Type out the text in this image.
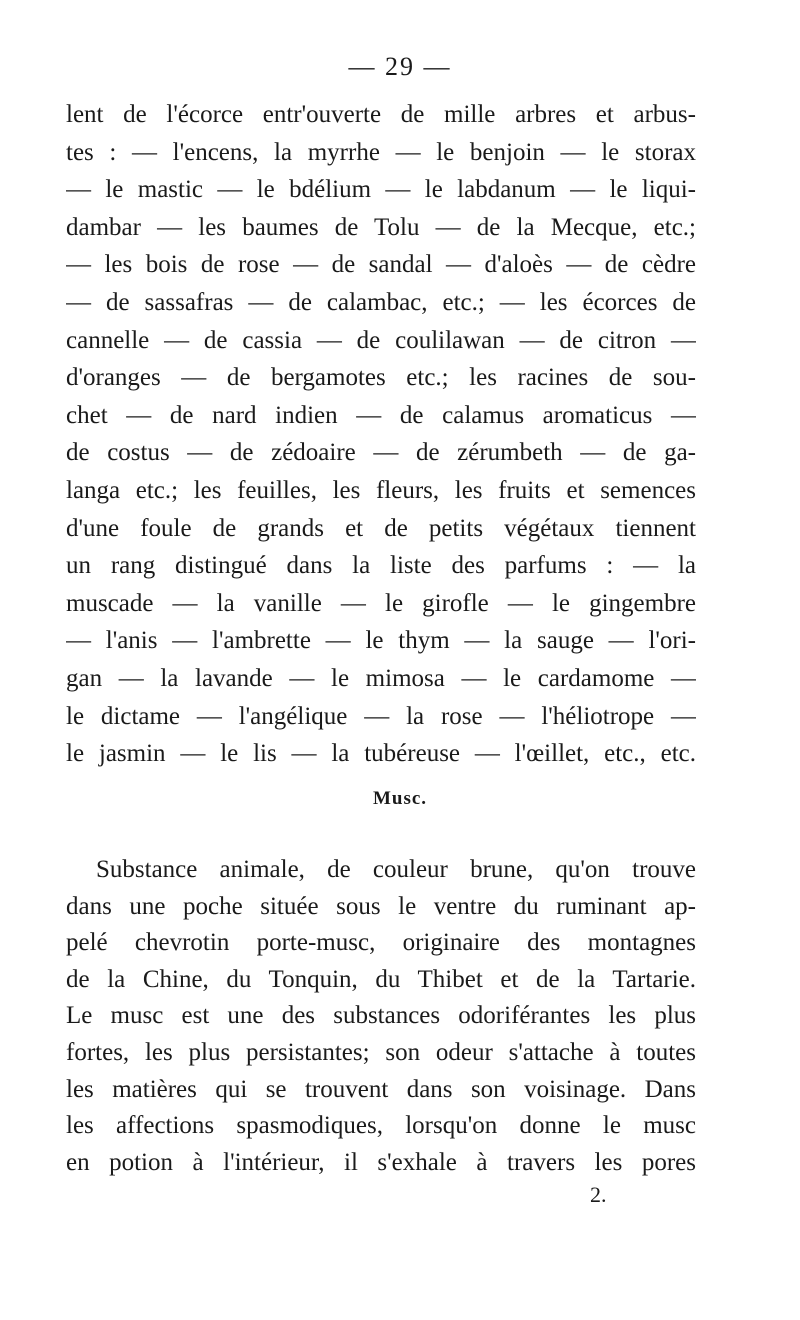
— 29 —
lent de l'écorce entr'ouverte de mille arbres et arbus-
tes : — l'encens, la myrrhe — le benjoin — le storax
— le mastic — le bdélium — le labdanum — le liqui-
dambar — les baumes de Tolu — de la Mecque, etc.;
— les bois de rose — de sandal — d'aloès — de cèdre
— de sassafras — de calambac, etc.; — les écorces de
cannelle — de cassia — de coulilawan — de citron —
d'oranges — de bergamotes etc.; les racines de sou-
chet — de nard indien — de calamus aromaticus —
de costus — de zédoaire — de zérumbeth — de ga-
langa etc.; les feuilles, les fleurs, les fruits et semences
d'une foule de grands et de petits végétaux tiennent
un rang distingué dans la liste des parfums : — la
muscade — la vanille — le girofle — le gingembre
— l'anis — l'ambrette — le thym — la sauge — l'ori-
gan — la lavande — le mimosa — le cardamome —
le dictame — l'angélique — la rose — l'héliotrope —
le jasmin — le lis — la tubéreuse — l'œillet, etc., etc.
Musc.
Substance animale, de couleur brune, qu'on trouve
dans une poche située sous le ventre du ruminant ap-
pelé chevrotin porte-musc, originaire des montagnes
de la Chine, du Tonquin, du Thibet et de la Tartarie.
Le musc est une des substances odoriférantes les plus
fortes, les plus persistantes; son odeur s'attache à toutes
les matières qui se trouvent dans son voisinage. Dans
les affections spasmodiques, lorsqu'on donne le musc
en potion à l'intérieur, il s'exhale à travers les pores
2.
